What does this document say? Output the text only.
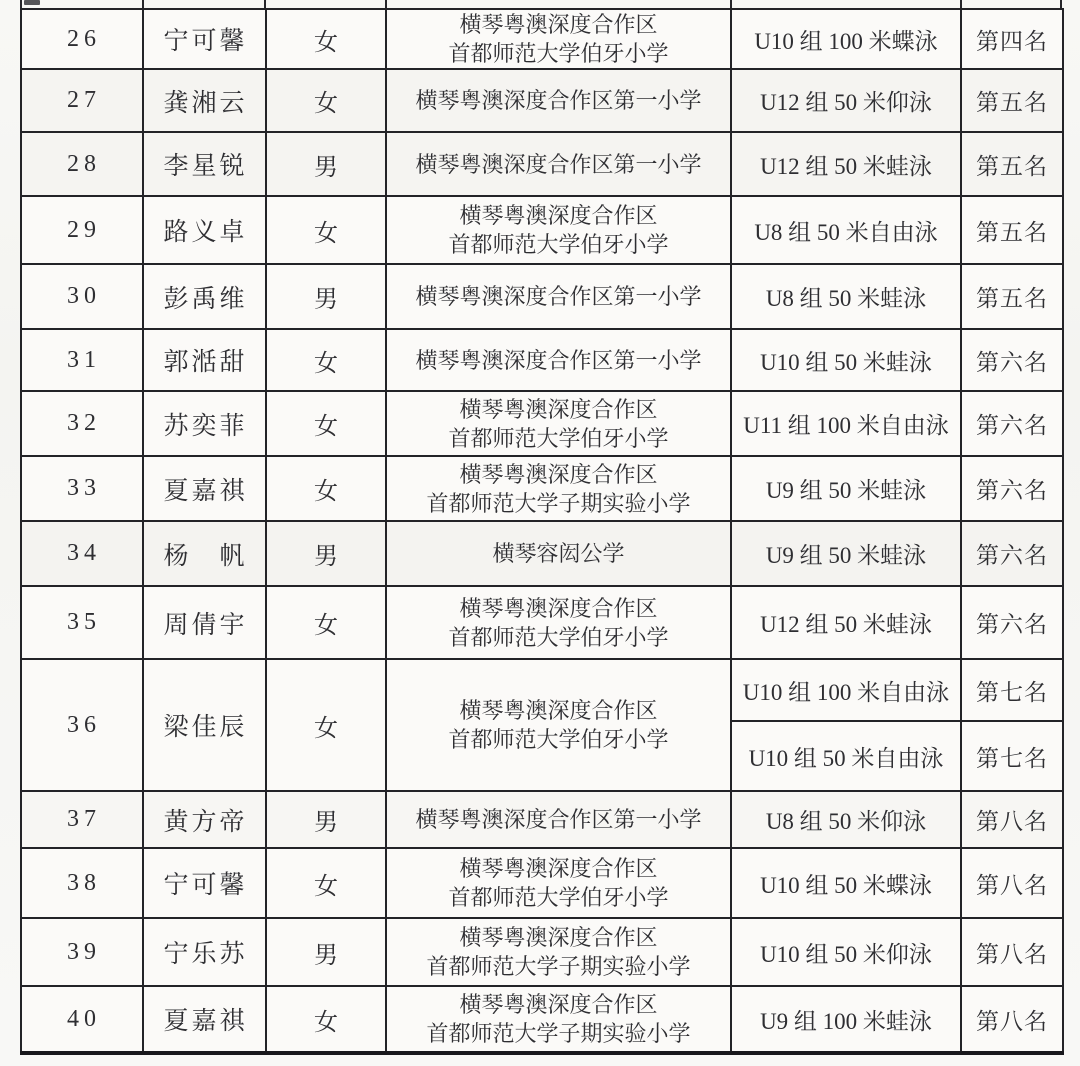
26	宁可馨	女	横琴粤澳深度合作区
首都师范大学伯牙小学	U10 组 100 米蝶泳	第四名
27	龚湘云	女	横琴粤澳深度合作区第一小学	U12 组 50 米仰泳	第五名
28	李星锐	男	横琴粤澳深度合作区第一小学	U12 组 50 米蛙泳	第五名
29	路义卓	女	横琴粤澳深度合作区
首都师范大学伯牙小学	U8 组 50 米自由泳	第五名
30	彭禹维	男	横琴粤澳深度合作区第一小学	U8 组 50 米蛙泳	第五名
31	郭湉甜	女	横琴粤澳深度合作区第一小学	U10 组 50 米蛙泳	第六名
32	苏奕菲	女	横琴粤澳深度合作区
首都师范大学伯牙小学	U11 组 100 米自由泳	第六名
33	夏嘉祺	女	横琴粤澳深度合作区
首都师范大学子期实验小学	U9 组 50 米蛙泳	第六名
34	杨　帆	男	横琴容闳公学	U9 组 50 米蛙泳	第六名
35	周倩宇	女	横琴粤澳深度合作区
首都师范大学伯牙小学	U12 组 50 米蛙泳	第六名
36	梁佳辰	女	横琴粤澳深度合作区
首都师范大学伯牙小学	U10 组 100 米自由泳	第七名
				U10 组 50 米自由泳	第七名
37	黄方帝	男	横琴粤澳深度合作区第一小学	U8 组 50 米仰泳	第八名
38	宁可馨	女	横琴粤澳深度合作区
首都师范大学伯牙小学	U10 组 50 米蝶泳	第八名
39	宁乐苏	男	横琴粤澳深度合作区
首都师范大学子期实验小学	U10 组 50 米仰泳	第八名
40	夏嘉祺	女	横琴粤澳深度合作区
首都师范大学子期实验小学	U9 组 100 米蛙泳	第八名
